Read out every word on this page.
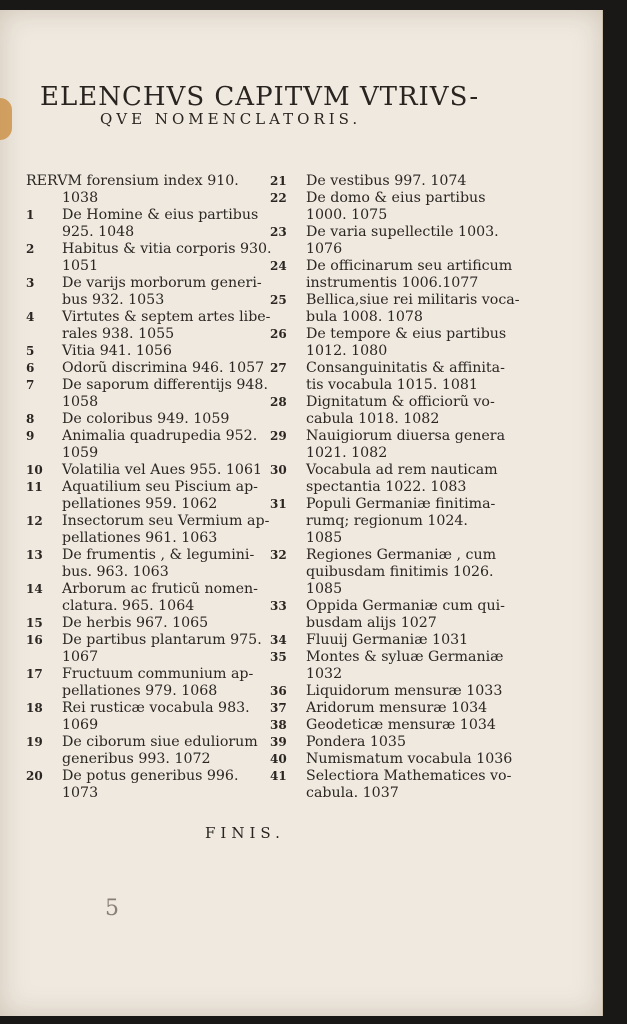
ELENCHVS CAPITVM VTRIVS-
QVE NOMENCLATORIS.
RERVM forensium index 910.
1038
1 De Homine & eius partibus
925. 1048
2 Habitus & vitia corporis 930.
1051
3 De varijs morborum generi-
bus 932. 1053
4 Virtutes & septem artes libe-
rales 938. 1055
5 Vitia 941. 1056
6 Odorũ discrimina 946. 1057
7 De saporum differentijs 948.
1058
8 De coloribus 949. 1059
9 Animalia quadrupedia 952.
1059
10 Volatilia vel Aues 955. 1061
11 Aquatilium seu Piscium ap-
pellationes 959. 1062
12 Insectorum seu Vermium ap-
pellationes 961. 1063
13 De frumentis , & legumini-
bus. 963. 1063
14 Arborum ac fruticũ nomen-
clatura. 965. 1064
15 De herbis 967. 1065
16 De partibus plantarum 975.
1067
17 Fructuum communium ap-
pellationes 979. 1068
18 Rei rusticæ vocabula 983.
1069
19 De ciborum siue eduliorum
generibus 993. 1072
20 De potus generibus 996.
1073
21 De vestibus 997. 1074
22 De domo & eius partibus
1000. 1075
23 De varia supellectile 1003.
1076
24 De officinarum seu artificum
instrumentis 1006.1077
25 Bellica,siue rei militaris voca-
bula 1008. 1078
26 De tempore & eius partibus
1012. 1080
27 Consanguinitatis & affinita-
tis vocabula 1015. 1081
28 Dignitatum & officiorũ vo-
cabula 1018. 1082
29 Nauigiorum diuersa genera
1021. 1082
30 Vocabula ad rem nauticam
spectantia 1022. 1083
31 Populi Germaniæ finitima-
rumq; regionum 1024.
1085
32 Regiones Germaniæ , cum
quibusdam finitimis 1026.
1085
33 Oppida Germaniæ cum qui-
busdam alijs 1027
34 Fluuij Germaniæ 1031
35 Montes & syluæ Germaniæ
1032
36 Liquidorum mensuræ 1033
37 Aridorum mensuræ 1034
38 Geodeticæ mensuræ 1034
39 Pondera 1035
40 Numismatum vocabula 1036
41 Selectiora Mathematices vo-
cabula. 1037
FINIS.
5
